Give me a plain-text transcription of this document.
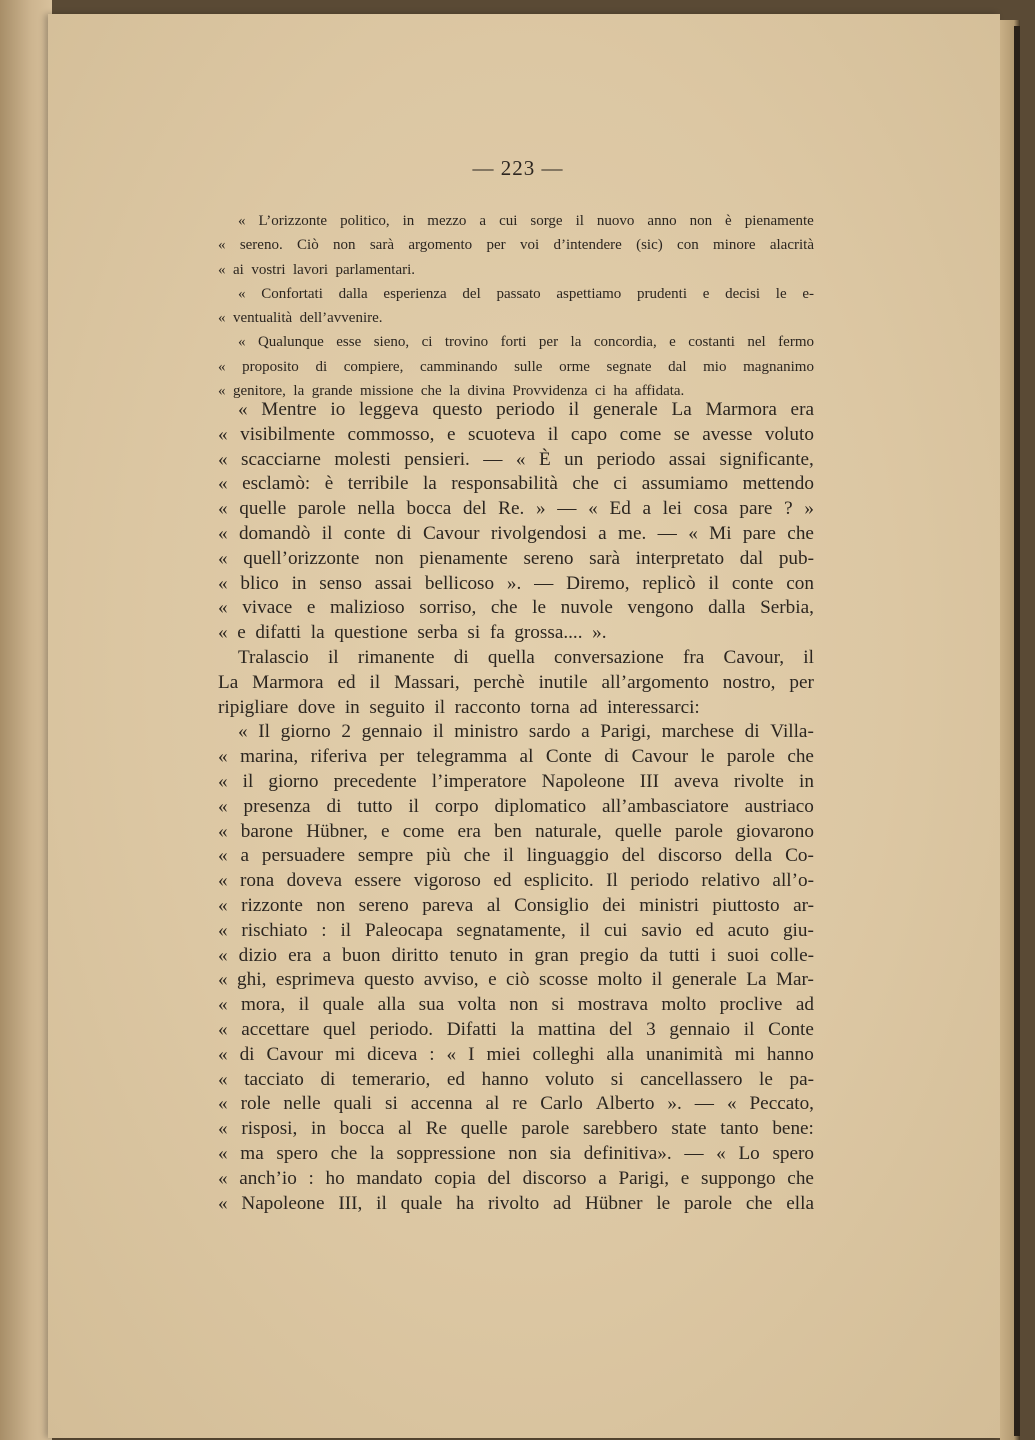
— 223 —
« L’orizzonte politico, in mezzo a cui sorge il nuovo anno non è pienamente
« sereno. Ciò non sarà argomento per voi d’intendere (sic) con minore alacrità
« ai vostri lavori parlamentari.
« Confortati dalla esperienza del passato aspettiamo prudenti e decisi le e-
« ventualità dell’avvenire.
« Qualunque esse sieno, ci trovino forti per la concordia, e costanti nel fermo
« proposito di compiere, camminando sulle orme segnate dal mio magnanimo
« genitore, la grande missione che la divina Provvidenza ci ha affidata.
« Mentre io leggeva questo periodo il generale La Marmora era
« visibilmente commosso, e scuoteva il capo come se avesse voluto
« scacciarne molesti pensieri. — « È un periodo assai significante,
« esclamò: è terribile la responsabilità che ci assumiamo mettendo
« quelle parole nella bocca del Re. » — « Ed a lei cosa pare ? »
« domandò il conte di Cavour rivolgendosi a me. — « Mi pare che
« quell’orizzonte non pienamente sereno sarà interpretato dal pub-
« blico in senso assai bellicoso ». — Diremo, replicò il conte con
« vivace e malizioso sorriso, che le nuvole vengono dalla Serbia,
« e difatti la questione serba si fa grossa.... ».
Tralascio il rimanente di quella conversazione fra Cavour, il
La Marmora ed il Massari, perchè inutile all’argomento nostro, per
ripigliare dove in seguito il racconto torna ad interessarci:
« Il giorno 2 gennaio il ministro sardo a Parigi, marchese di Villa-
« marina, riferiva per telegramma al Conte di Cavour le parole che
« il giorno precedente l’imperatore Napoleone III aveva rivolte in
« presenza di tutto il corpo diplomatico all’ambasciatore austriaco
« barone Hübner, e come era ben naturale, quelle parole giovarono
« a persuadere sempre più che il linguaggio del discorso della Co-
« rona doveva essere vigoroso ed esplicito. Il periodo relativo all’o-
« rizzonte non sereno pareva al Consiglio dei ministri piuttosto ar-
« rischiato : il Paleocapa segnatamente, il cui savio ed acuto giu-
« dizio era a buon diritto tenuto in gran pregio da tutti i suoi colle-
« ghi, esprimeva questo avviso, e ciò scosse molto il generale La Mar-
« mora, il quale alla sua volta non si mostrava molto proclive ad
« accettare quel periodo. Difatti la mattina del 3 gennaio il Conte
« di Cavour mi diceva : « I miei colleghi alla unanimità mi hanno
« tacciato di temerario, ed hanno voluto si cancellassero le pa-
« role nelle quali si accenna al re Carlo Alberto ». — « Peccato,
« risposi, in bocca al Re quelle parole sarebbero state tanto bene:
« ma spero che la soppressione non sia definitiva». — « Lo spero
« anch’io : ho mandato copia del discorso a Parigi, e suppongo che
« Napoleone III, il quale ha rivolto ad Hübner le parole che ella
